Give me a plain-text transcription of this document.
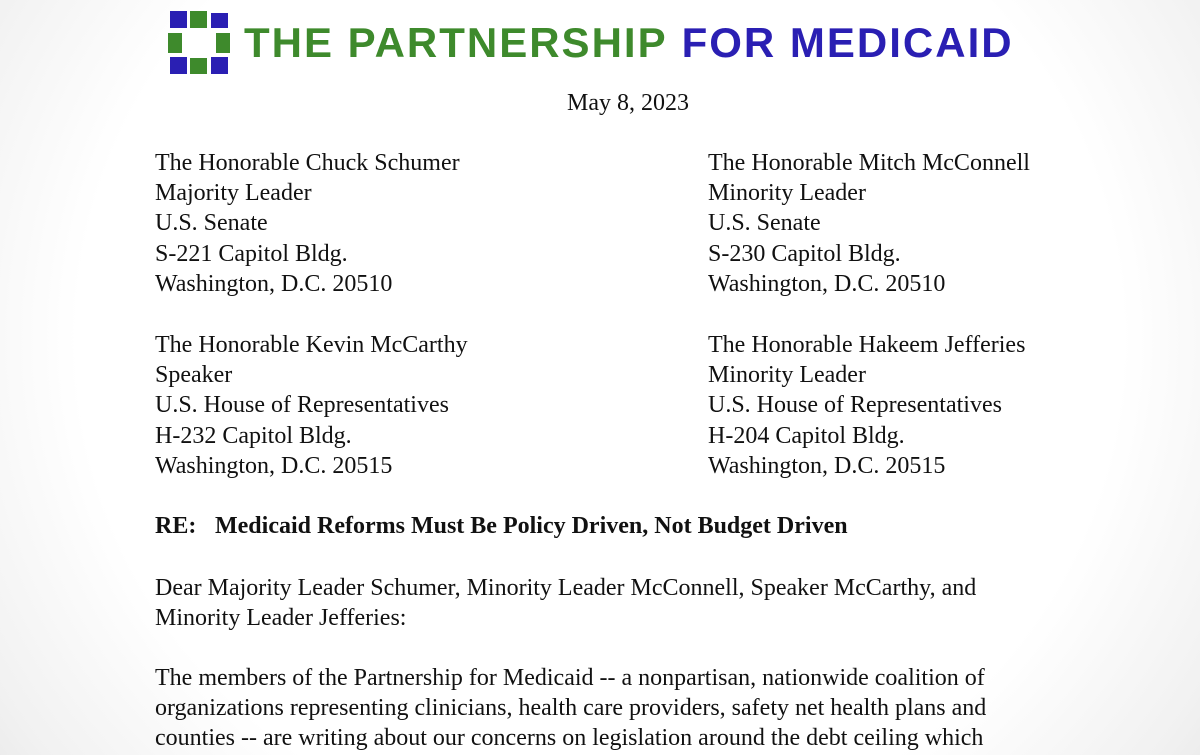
THE PARTNERSHIP FOR MEDICAID
May 8, 2023
The Honorable Chuck Schumer
Majority Leader
U.S. Senate
S-221 Capitol Bldg.
Washington, D.C. 20510
The Honorable Mitch McConnell
Minority Leader
U.S. Senate
S-230 Capitol Bldg.
Washington, D.C. 20510
The Honorable Kevin McCarthy
Speaker
U.S. House of Representatives
H-232 Capitol Bldg.
Washington, D.C. 20515
The Honorable Hakeem Jefferies
Minority Leader
U.S. House of Representatives
H-204 Capitol Bldg.
Washington, D.C. 20515
RE: Medicaid Reforms Must Be Policy Driven, Not Budget Driven
Dear Majority Leader Schumer, Minority Leader McConnell, Speaker McCarthy, and
Minority Leader Jefferies:
The members of the Partnership for Medicaid -- a nonpartisan, nationwide coalition of
organizations representing clinicians, health care providers, safety net health plans and
counties -- are writing about our concerns on legislation around the debt ceiling which
